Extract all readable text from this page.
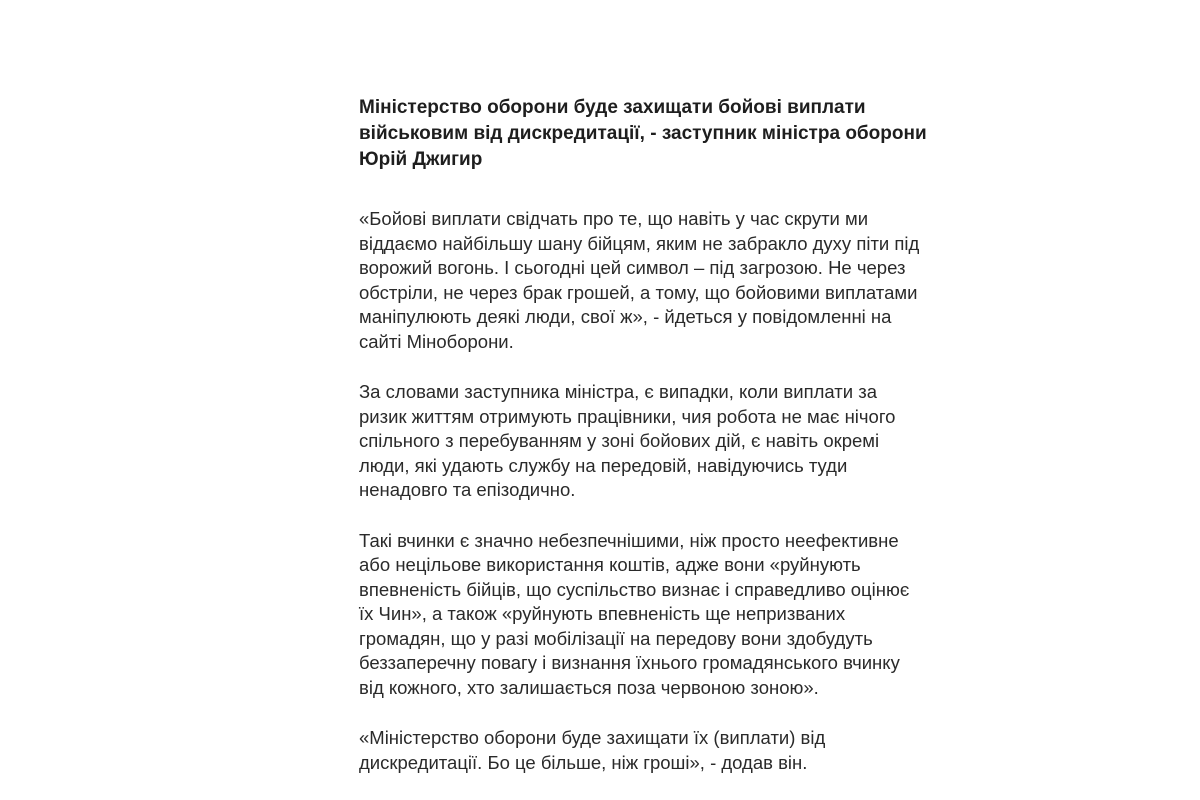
Міністерство оборони буде захищати бойові виплати
військовим від дискредитації, - заступник міністра оборони
Юрій Джигир

«Бойові виплати свідчать про те, що навіть у час скрути ми
віддаємо найбільшу шану бійцям, яким не забракло духу піти під
ворожий вогонь. І сьогодні цей символ – під загрозою. Не через
обстріли, не через брак грошей, а тому, що бойовими виплатами
маніпулюють деякі люди, свої ж», - йдеться у повідомленні на
сайті Міноборони.

За словами заступника міністра, є випадки, коли виплати за
ризик життям отримують працівники, чия робота не має нічого
спільного з перебуванням у зоні бойових дій, є навіть окремі
люди, які удають службу на передовій, навідуючись туди
ненадовго та епізодично.

Такі вчинки є значно небезпечнішими, ніж просто неефективне
або нецільове використання коштів, адже вони «руйнують
впевненість бійців, що суспільство визнає і справедливо оцінює
їх Чин», а також «руйнують впевненість ще непризваних
громадян, що у разі мобілізації на передову вони здобудуть
беззаперечну повагу і визнання їхнього громадянського вчинку
від кожного, хто залишається поза червоною зоною».

«Міністерство оборони буде захищати їх (виплати) від
дискредитації. Бо це більше, ніж гроші», - додав він.
